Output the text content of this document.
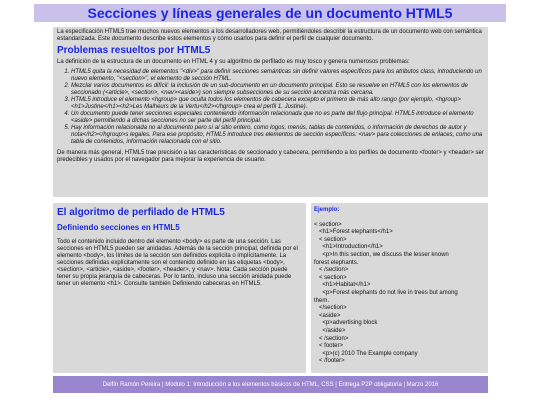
Secciones y líneas generales de un documento HTML5

La especificación HTML5 trae muchos nuevos elementos a los desarrolladores web, permitiéndoles describir la estructura de un documento web con semántica estandarizada. Este documento describe estos elementos y cómo usarlos para definir el perfil de cualquier documento.

Problemas resueltos por HTML5

La definición de la estructura de un documento en HTML 4 y su algoritmo de perfilado es muy tosco y genera numerosos problemas:

1. HTML5 quita la necesidad de elementos "<div>" para definir secciones semánticas sin definir valores específicos para los atributos class, introduciendo un nuevo elemento, "<section>", el elemento de sección HTML.
2. Mezclar varios documentos es difícil: la inclusión de un sub-documento en un documento principal. Esto se resuelve en HTML5 con los elementos de seccionado (<article>, <section>, <nav><aside>) son siempre subsecciones de su sección ancestra más cercana.
3. HTML5 introduce el elemento <hgroup> que oculta todos los elementos de cabecera excepto el primero de más alto rango (por ejemplo, <hgroup><h1>Justine</h1><h2>Les Malheurs de la Vertu</h2></hgroup> crea el perfil 1. Justine).
4. Un documento puede tener secciones especiales conteniendo información relacionada que no es parte del flujo principal. HTML5 introduce el elemento <aside> permitiendo a dichas secciones no ser parte del perfil principal.
5. Hay información relacionada no al documento pero sí al sitio entero, como logos, menús, tablas de contenidos, o información de derechos de autor y nota</h2></hgroup>s legales. Para ese propósito, HTML5 introduce tres elementos de sección específicos: <nav> para colecciones de enlaces, como una tabla de contenidos, información relacionada con el sitio.

De manera más general, HTML5 trae precisión a las características de seccionado y cabecera, permitiendo a los perfiles de documento <footer> y <header> ser predecibles y usados por el navegador para mejorar la experiencia de usuario.

El algoritmo de perfilado de HTML5
Definiendo secciones en HTML5

Todo el contenido incluido dentro del elemento <body> es parte de una sección. Las secciones en HTML5 pueden ser anidadas. Además de la sección principal, definida por el elemento <body>, los límites de la sección son definidos explícita o implícitamente. La secciones definidas explícitamente son el contenido definido en las etiquetas <body>, <section>, <article>, <aside>, <footer>, <header>, y <nav>. Nota: Cada sección puede tener su propia jerarquía de cabeceras. Por lo tanto, incluso una sección anidada puede tener un elemento <h1>. Consulte también Definiendo cabeceras en HTML5.

Ejemplo:
< section>
<h1>Forest elephants</h1>
< section>
<h1>Introduction</h1>
<p>In this section, we discuss the lesser known
forest elephants.
< /section>
< section>
<h1>Habitat</h1>
<p>Forest elephants do not live in trees but among
them.
</section>
<aside>
<p>advertising block
</aside>
< /section>
< footer>
<p>(c) 2010 The Example company
< /footer>
Delfín Ramón Pereira | Modulo 1: Introducción a los elementos básicos de HTML, CSS | Entrega P2P obligatoria | Marzo 2016
